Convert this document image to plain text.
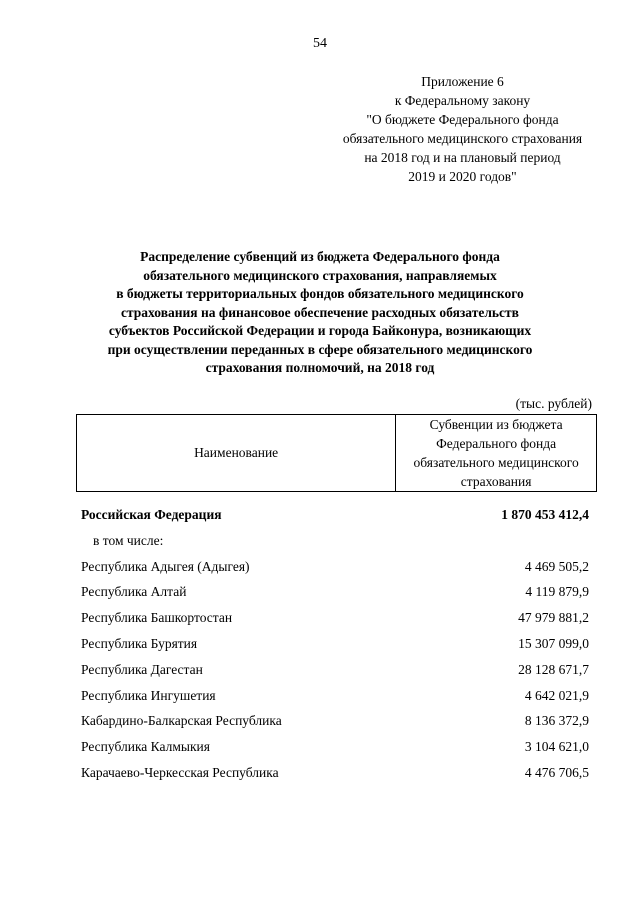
54
Приложение 6
к Федеральному закону
"О бюджете Федерального фонда
обязательного медицинского страхования
на 2018 год и на плановый период
2019 и 2020 годов"
Распределение субвенций из бюджета Федерального фонда
обязательного медицинского страхования, направляемых
в бюджеты территориальных фондов обязательного медицинского
страхования на финансовое обеспечение расходных обязательств
субъектов Российской Федерации и города Байконура, возникающих
при осуществлении переданных в сфере обязательного медицинского
страхования полномочий, на 2018 год
(тыс. рублей)
Наименование	
Субвенции из бюджета
Федерального фонда
обязательного медицинского
страхования
Российская Федерация	1 870 453 412,4
в том числе:
Республика Адыгея (Адыгея)	4 469 505,2
Республика Алтай	4 119 879,9
Республика Башкортостан	47 979 881,2
Республика Бурятия	15 307 099,0
Республика Дагестан	28 128 671,7
Республика Ингушетия	4 642 021,9
Кабардино-Балкарская Республика	8 136 372,9
Республика Калмыкия	3 104 621,0
Карачаево-Черкесская Республика	4 476 706,5
